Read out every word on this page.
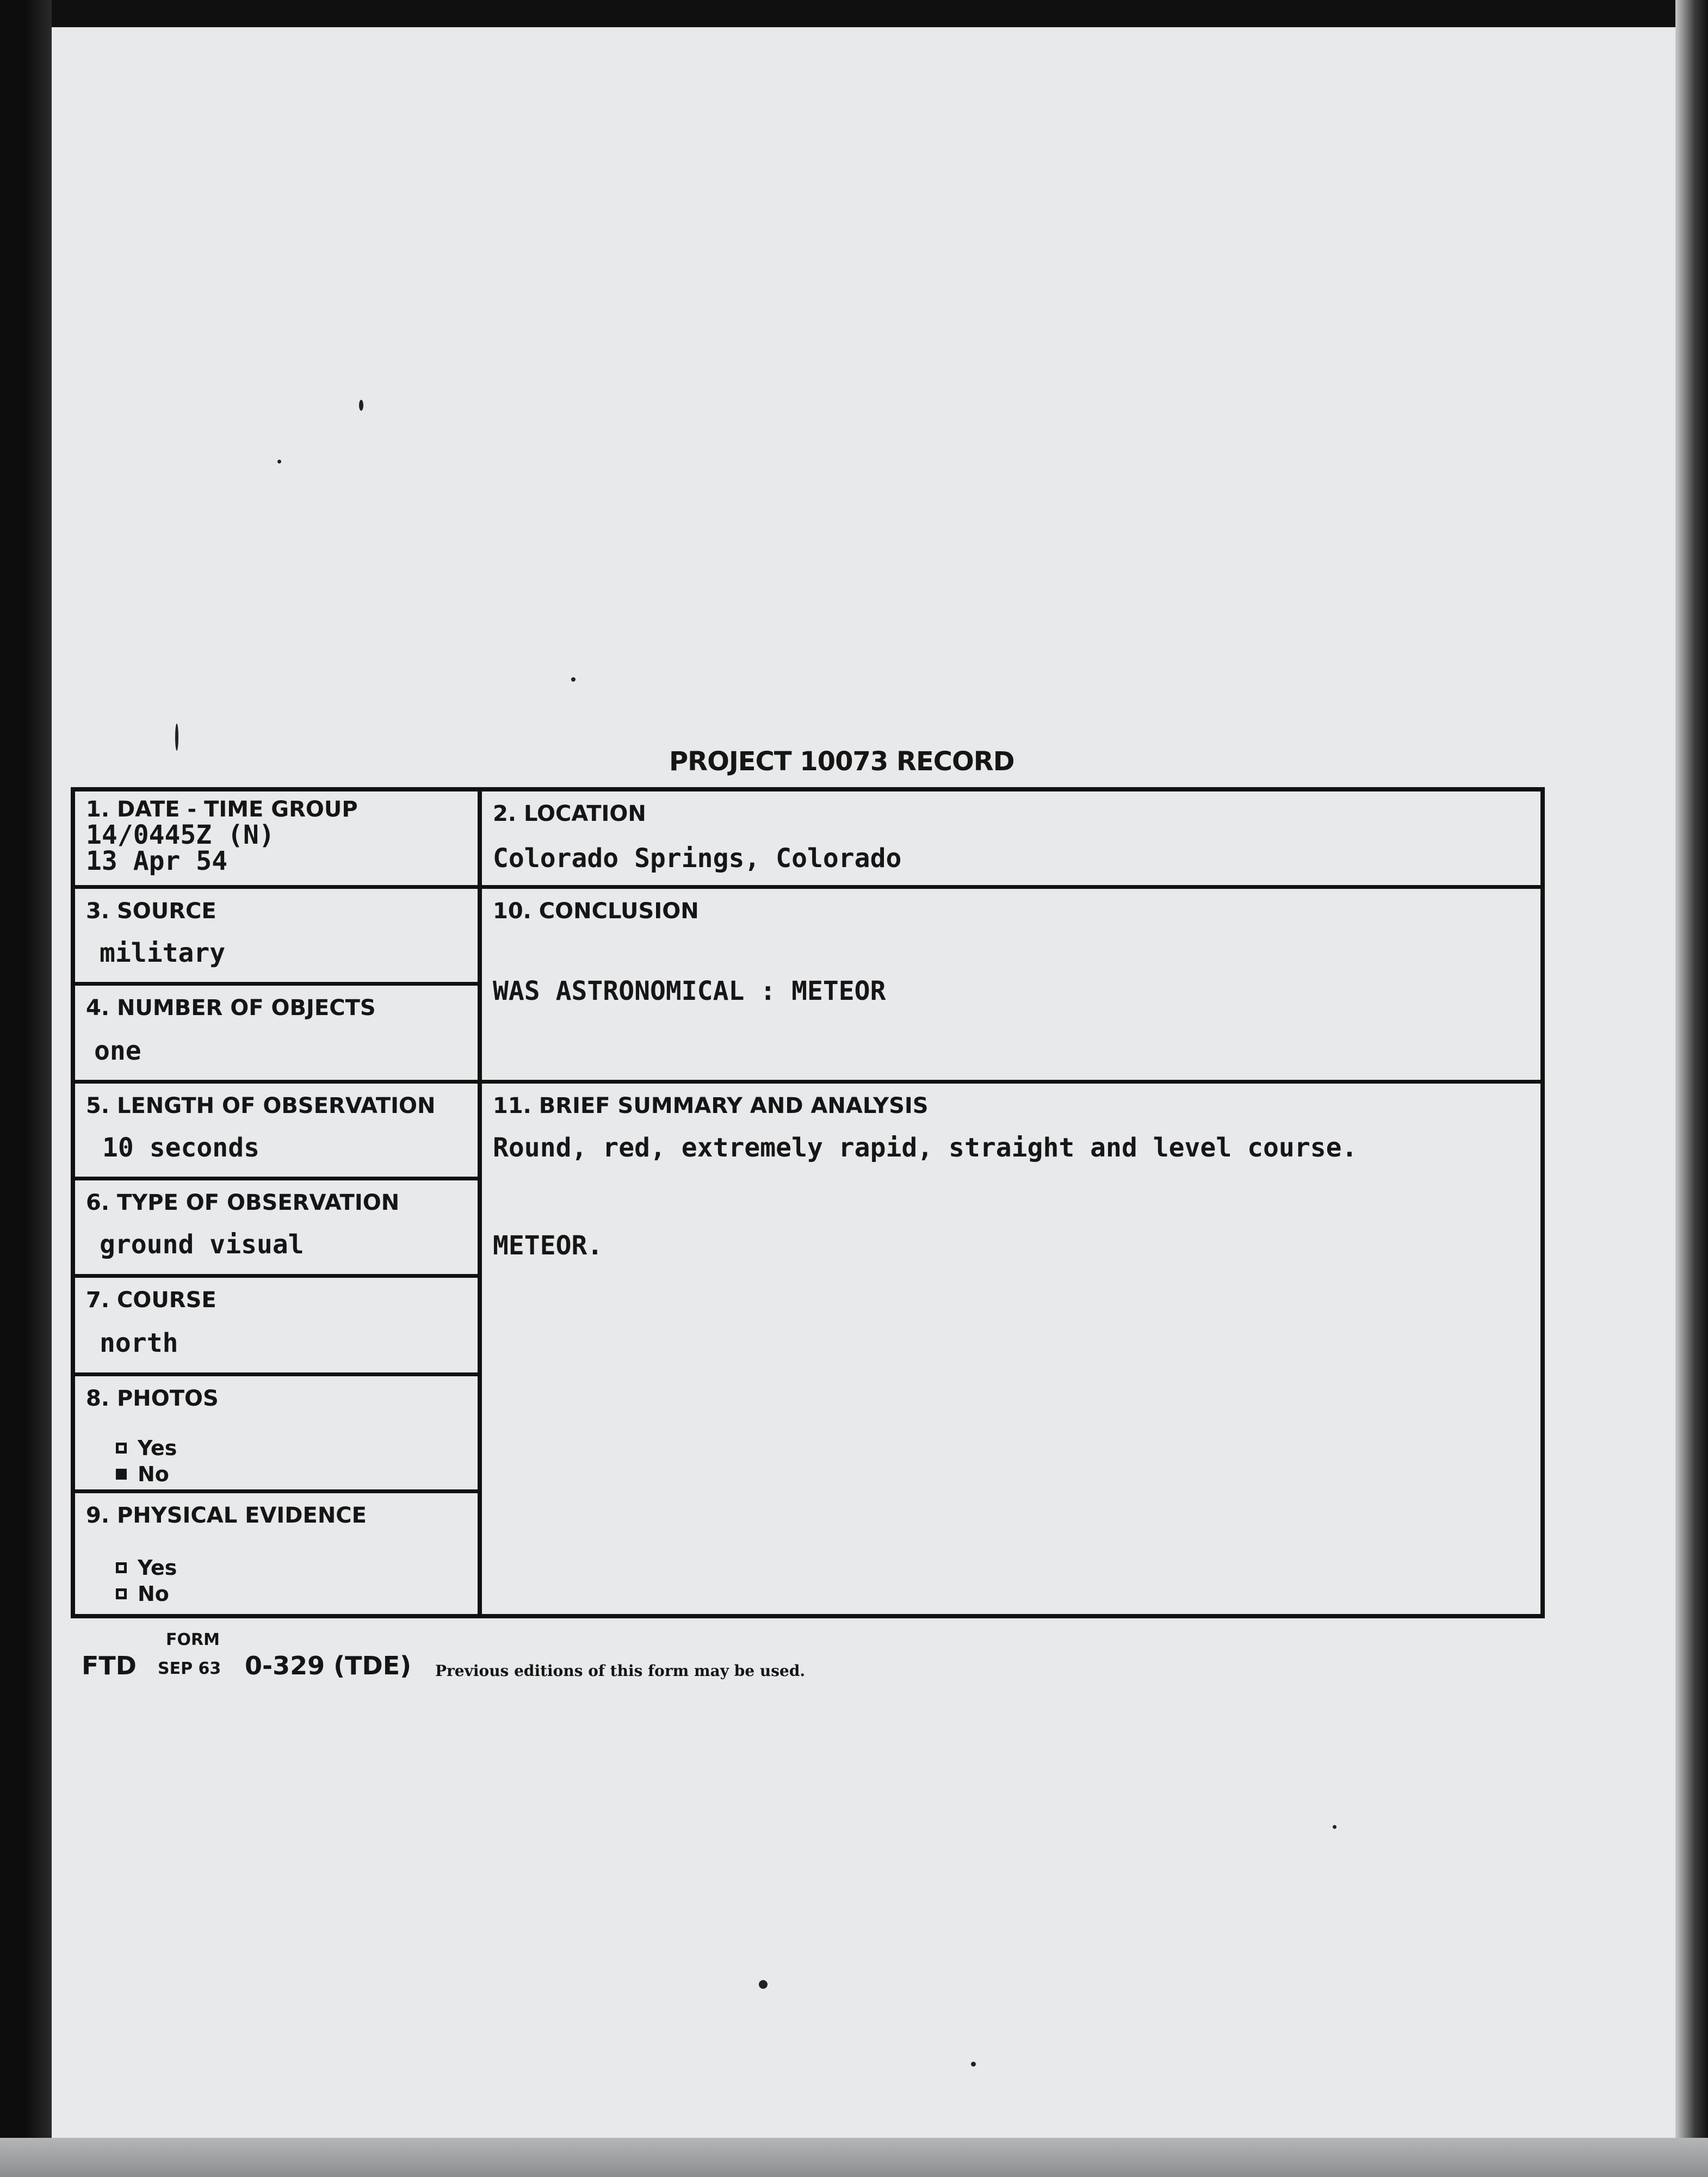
PROJECT 10073 RECORD
1. DATE - TIME GROUP
14/0445Z (N)
13 Apr 54
2. LOCATION
Colorado Springs, Colorado
3. SOURCE
military
4. NUMBER OF OBJECTS
one
10. CONCLUSION
WAS ASTRONOMICAL : METEOR
5. LENGTH OF OBSERVATION
10 seconds
6. TYPE OF OBSERVATION
ground visual
7. COURSE
north
8. PHOTOS
Yes
No
9. PHYSICAL EVIDENCE
Yes
No
11. BRIEF SUMMARY AND ANALYSIS
Round, red, extremely rapid, straight and level course.
METEOR.
FORM
FTD SEP 63 0-329 (TDE) Previous editions of this form may be used.
